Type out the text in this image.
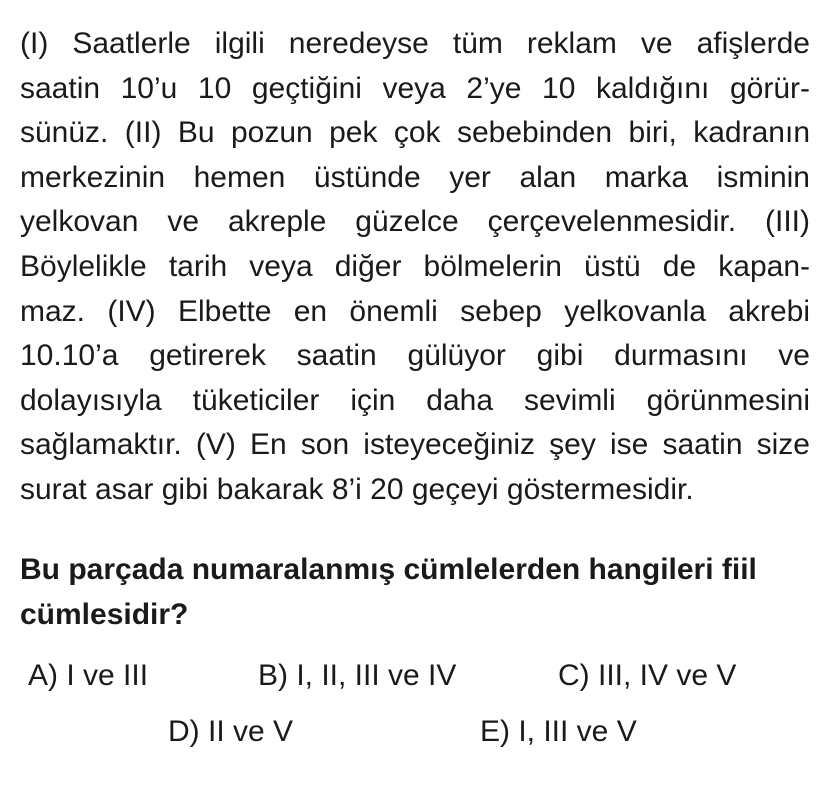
(I) Saatlerle ilgili neredeyse tüm reklam ve afişlerde
saatin 10’u 10 geçtiğini veya 2’ye 10 kaldığını görür-
sünüz. (II) Bu pozun pek çok sebebinden biri, kadranın
merkezinin hemen üstünde yer alan marka isminin
yelkovan ve akreple güzelce çerçevelenmesidir. (III)
Böylelikle tarih veya diğer bölmelerin üstü de kapan-
maz. (IV) Elbette en önemli sebep yelkovanla akrebi
10.10’a getirerek saatin gülüyor gibi durmasını ve
dolayısıyla tüketiciler için daha sevimli görünmesini
sağlamaktır. (V) En son isteyeceğiniz şey ise saatin size
surat asar gibi bakarak 8’i 20 geçeyi göstermesidir.
Bu parçada numaralanmış cümlelerden hangileri fiil
cümlesidir?
A) I ve III	B) I, II, III ve IV	C) III, IV ve V
D) II ve V	E) I, III ve V
